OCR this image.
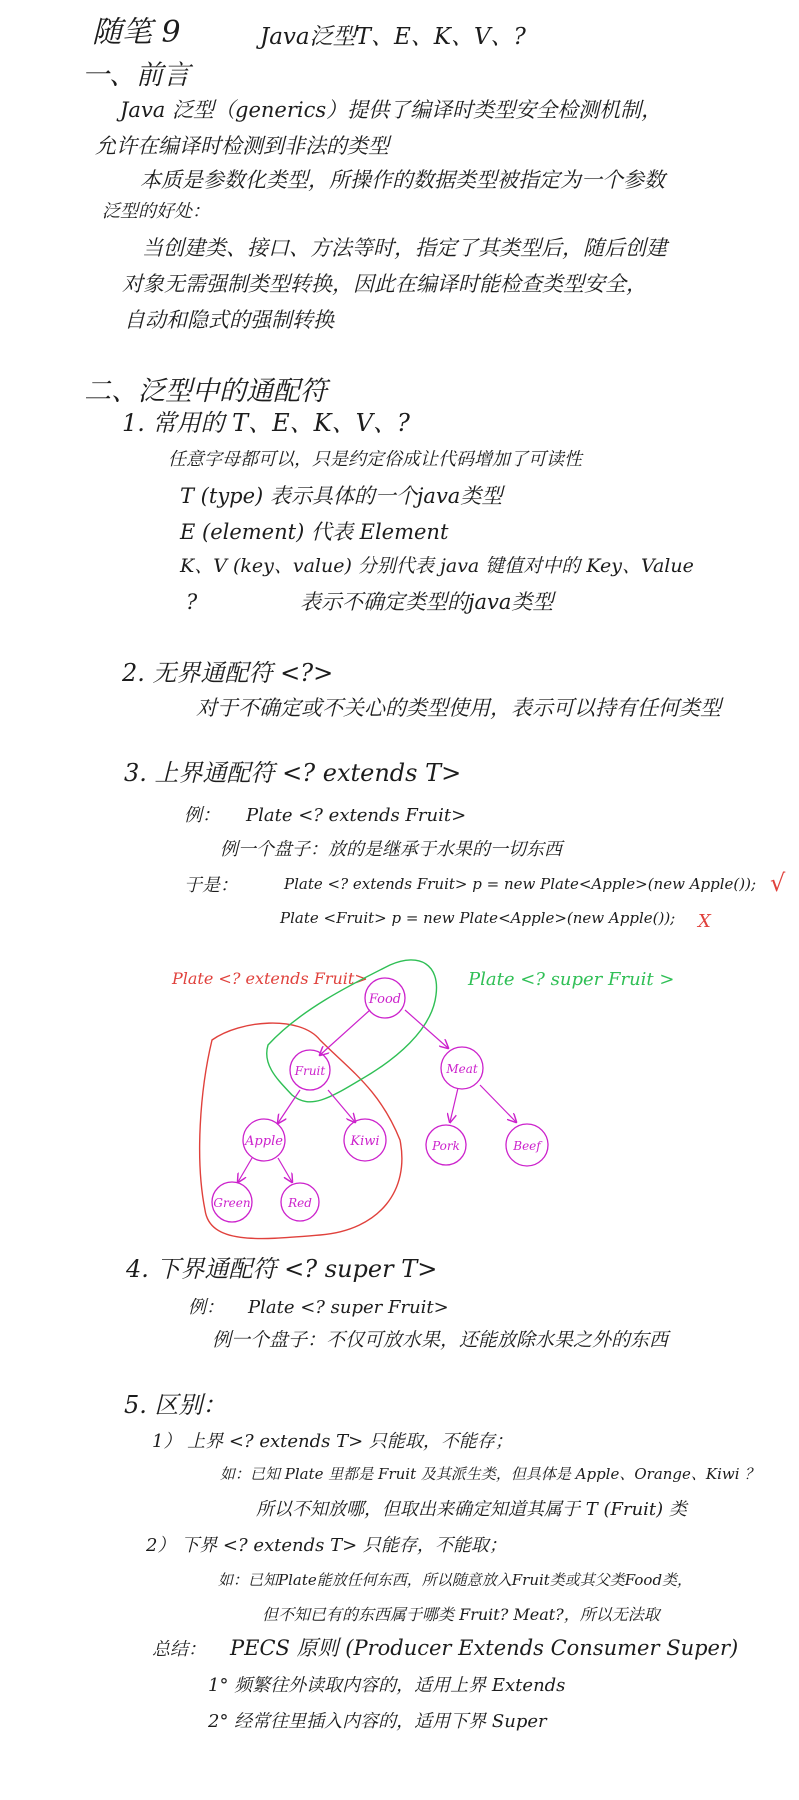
随笔 9	Java泛型T、E、K、V、?
一、前言
Java 泛型（generics）提供了编译时类型安全检测机制，
允许在编译时检测到非法的类型
本质是参数化类型，所操作的数据类型被指定为一个参数
泛型的好处：
当创建类、接口、方法等时，指定了其类型后，随后创建
对象无需强制类型转换，因此在编译时能检查类型安全，
自动和隐式的强制转换
二、泛型中的通配符
1. 常用的 T、E、K、V、?
任意字母都可以，只是约定俗成让代码增加了可读性
T (type) 表示具体的一个java类型
E (element) 代表 Element
K、V (key、value) 分别代表 java 键值对中的 Key、Value
?	表示不确定类型的java类型
2. 无界通配符 <?>
对于不确定或不关心的类型使用，表示可以持有任何类型
3. 上界通配符 <? extends T>
例： Plate <? extends Fruit>
例一个盘子：放的是继承于水果的一切东西
于是：	Plate <? extends Fruit> p = new Plate<Apple>(new Apple()); √
Plate <Fruit> p = new Plate<Apple>(new Apple()); X
Plate <? extends Fruit>	Plate <? super Fruit >
Food
Fruit	Meat
Apple	Kiwi	Pork	Beef
Green	Red
4. 下界通配符 <? super T>
例： Plate <? super Fruit>
例一个盘子：不仅可放水果，还能放除水果之外的东西
5. 区别：
1） 上界 <? extends T> 只能取，不能存；
如：已知 Plate 里都是 Fruit 及其派生类，但具体是 Apple、Orange、Kiwi ？
所以不知放哪，但取出来确定知道其属于 T (Fruit) 类
2） 下界 <? extends T> 只能存，不能取；
如：已知Plate能放任何东西，所以随意放入Fruit类或其父类Food类，
但不知已有的东西属于哪类 Fruit? Meat?，所以无法取
总结： PECS 原则 (Producer Extends Consumer Super)
1° 频繁往外读取内容的，适用上界 Extends
2° 经常往里插入内容的，适用下界 Super
